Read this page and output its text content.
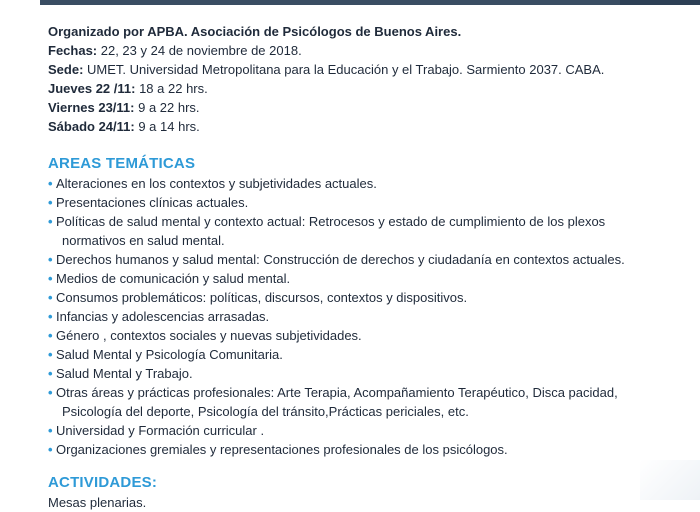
Organizado por APBA. Asociación de Psicólogos de Buenos Aires.
Fechas: 22, 23 y 24 de noviembre de 2018.
Sede: UMET. Universidad Metropolitana para la Educación y el Trabajo. Sarmiento 2037. CABA.
Jueves 22 /11: 18 a 22 hrs.
Viernes 23/11: 9 a 22 hrs.
Sábado 24/11: 9 a 14 hrs.
AREAS TEMÁTICAS
• Alteraciones en los contextos y subjetividades actuales.
• Presentaciones clínicas actuales.
• Políticas de salud mental y contexto actual: Retrocesos y estado de cumplimiento de los plexos
normativos en salud mental.
• Derechos humanos y salud mental: Construcción de derechos y ciudadanía en contextos actuales.
• Medios de comunicación y salud mental.
• Consumos problemáticos: políticas, discursos, contextos y dispositivos.
• Infancias y adolescencias arrasadas.
• Género , contextos sociales y nuevas subjetividades.
• Salud Mental y Psicología Comunitaria.
• Salud Mental y Trabajo.
• Otras áreas y prácticas profesionales: Arte Terapia, Acompañamiento Terapéutico, Disca pacidad,
Psicología del deporte, Psicología del tránsito,Prácticas periciales, etc.
• Universidad y Formación curricular .
• Organizaciones gremiales y representaciones profesionales de los psicólogos.
ACTIVIDADES:
Mesas plenarias.
